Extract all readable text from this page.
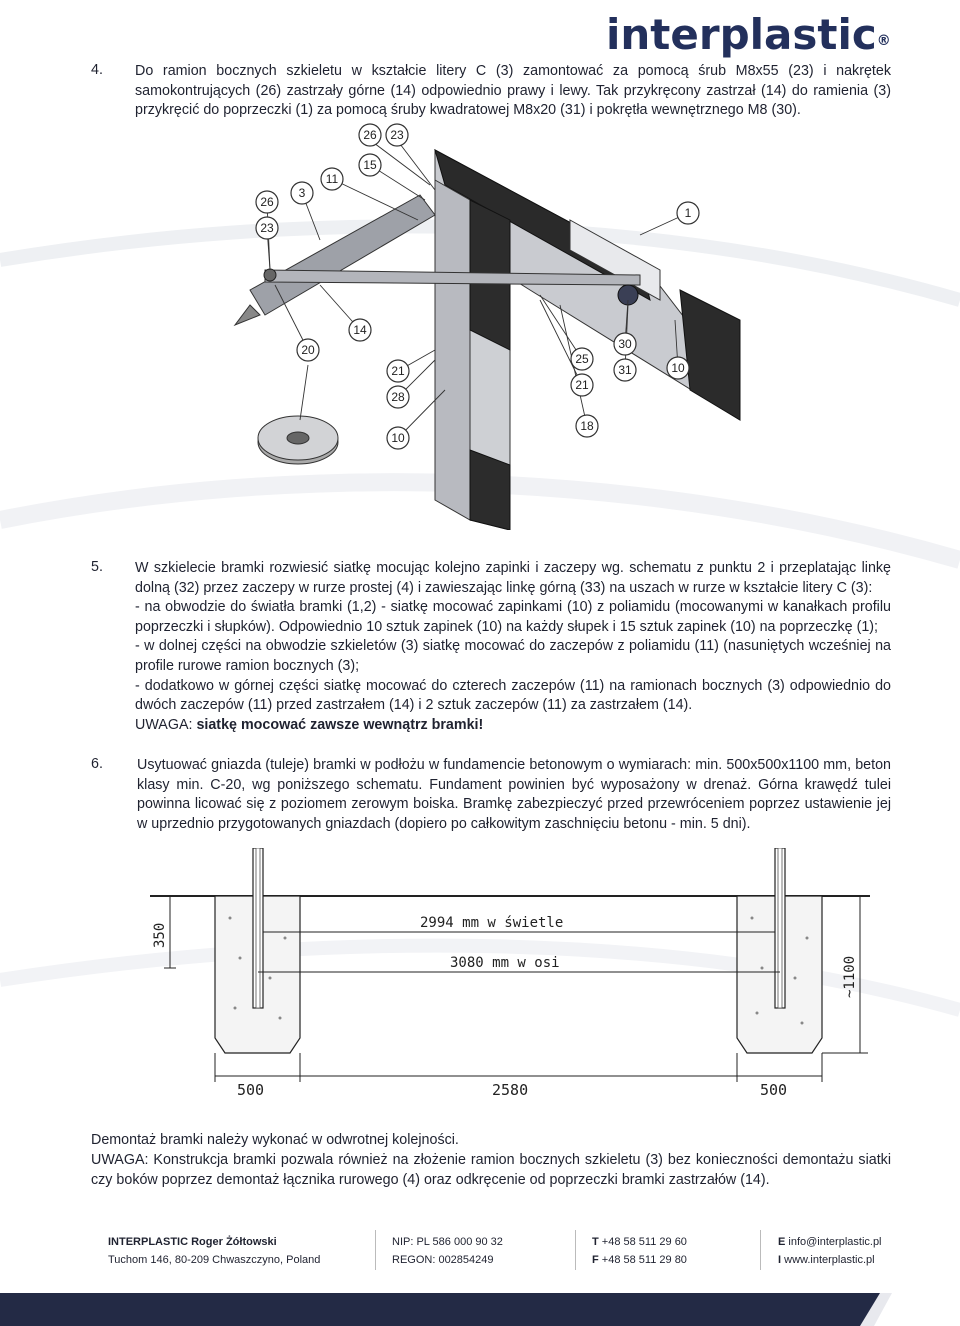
interplastic®
4. Do ramion bocznych szkieletu w kształcie litery C (3) zamontować za pomocą śrub M8x55 (23) i nakrętek samokontrujących (26) zastrzały górne (14) odpowiednio prawy i lewy. Tak przykręcony zastrzał (14) do ramienia (3) przykręcić do poprzeczki (1) za pomocą śruby kwadratowej M8x20 (31) i pokrętła wewnętrznego M8 (30).
26 23
15
11
3
26
23
1
14
20	30
31	10
25
21
21
28
18
10
5. W szkielecie bramki rozwiesić siatkę mocując kolejno zapinki i zaczepy wg. schematu z punktu 2 i przeplatając linkę dolną (32) przez zaczepy w rurze prostej (4) i zawieszając linkę górną (33) na uszach w rurze w kształcie litery C (3):
- na obwodzie do światła bramki (1,2) - siatkę mocować zapinkami (10) z poliamidu (mocowanymi w kanałkach profilu poprzeczki i słupków). Odpowiednio 10 sztuk zapinek (10) na każdy słupek i 15 sztuk zapinek (10) na poprzeczkę (1);
- w dolnej części na obwodzie szkieletów (3) siatkę mocować do zaczepów z poliamidu (11) (nasuniętych wcześniej na profile rurowe ramion bocznych (3);
- dodatkowo w górnej części siatkę mocować do czterech zaczepów (11) na ramionach bocznych (3) odpowiednio do dwóch zaczepów (11) przed zastrzałem (14) i 2 sztuk zaczepów (11) za zastrzałem (14).
UWAGA: siatkę mocować zawsze wewnątrz bramki!
6. Usytuować gniazda (tuleje) bramki w podłożu w fundamencie betonowym o wymiarach: min. 500x500x1100 mm, beton klasy min. C-20, wg poniższego schematu. Fundament powinien być wyposażony w drenaż. Górna krawędź tulei powinna licować się z poziomem zerowym boiska. Bramkę zabezpieczyć przed przewróceniem poprzez ustawienie jej w uprzednio przygotowanych gniazdach (dopiero po całkowitym zaschnięciu betonu - min. 5 dni).
2994 mm w świetle
3080 mm w osi
500	2580	500
350
~1100
Demontaż bramki należy wykonać w odwrotnej kolejności.
UWAGA: Konstrukcja bramki pozwala również na złożenie ramion bocznych szkieletu (3) bez konieczności demontażu siatki czy boków poprzez demontaż łącznika rurowego (4) oraz odkręcenie od poprzeczki bramki zastrzałów (14).
INTERPLASTIC Roger Żółtowski
Tuchom 146, 80-209 Chwaszczyno, Poland
NIP: PL 586 000 90 32
REGON: 002854249
T +48 58 511 29 60
F +48 58 511 29 80
E info@interplastic.pl
I www.interplastic.pl
